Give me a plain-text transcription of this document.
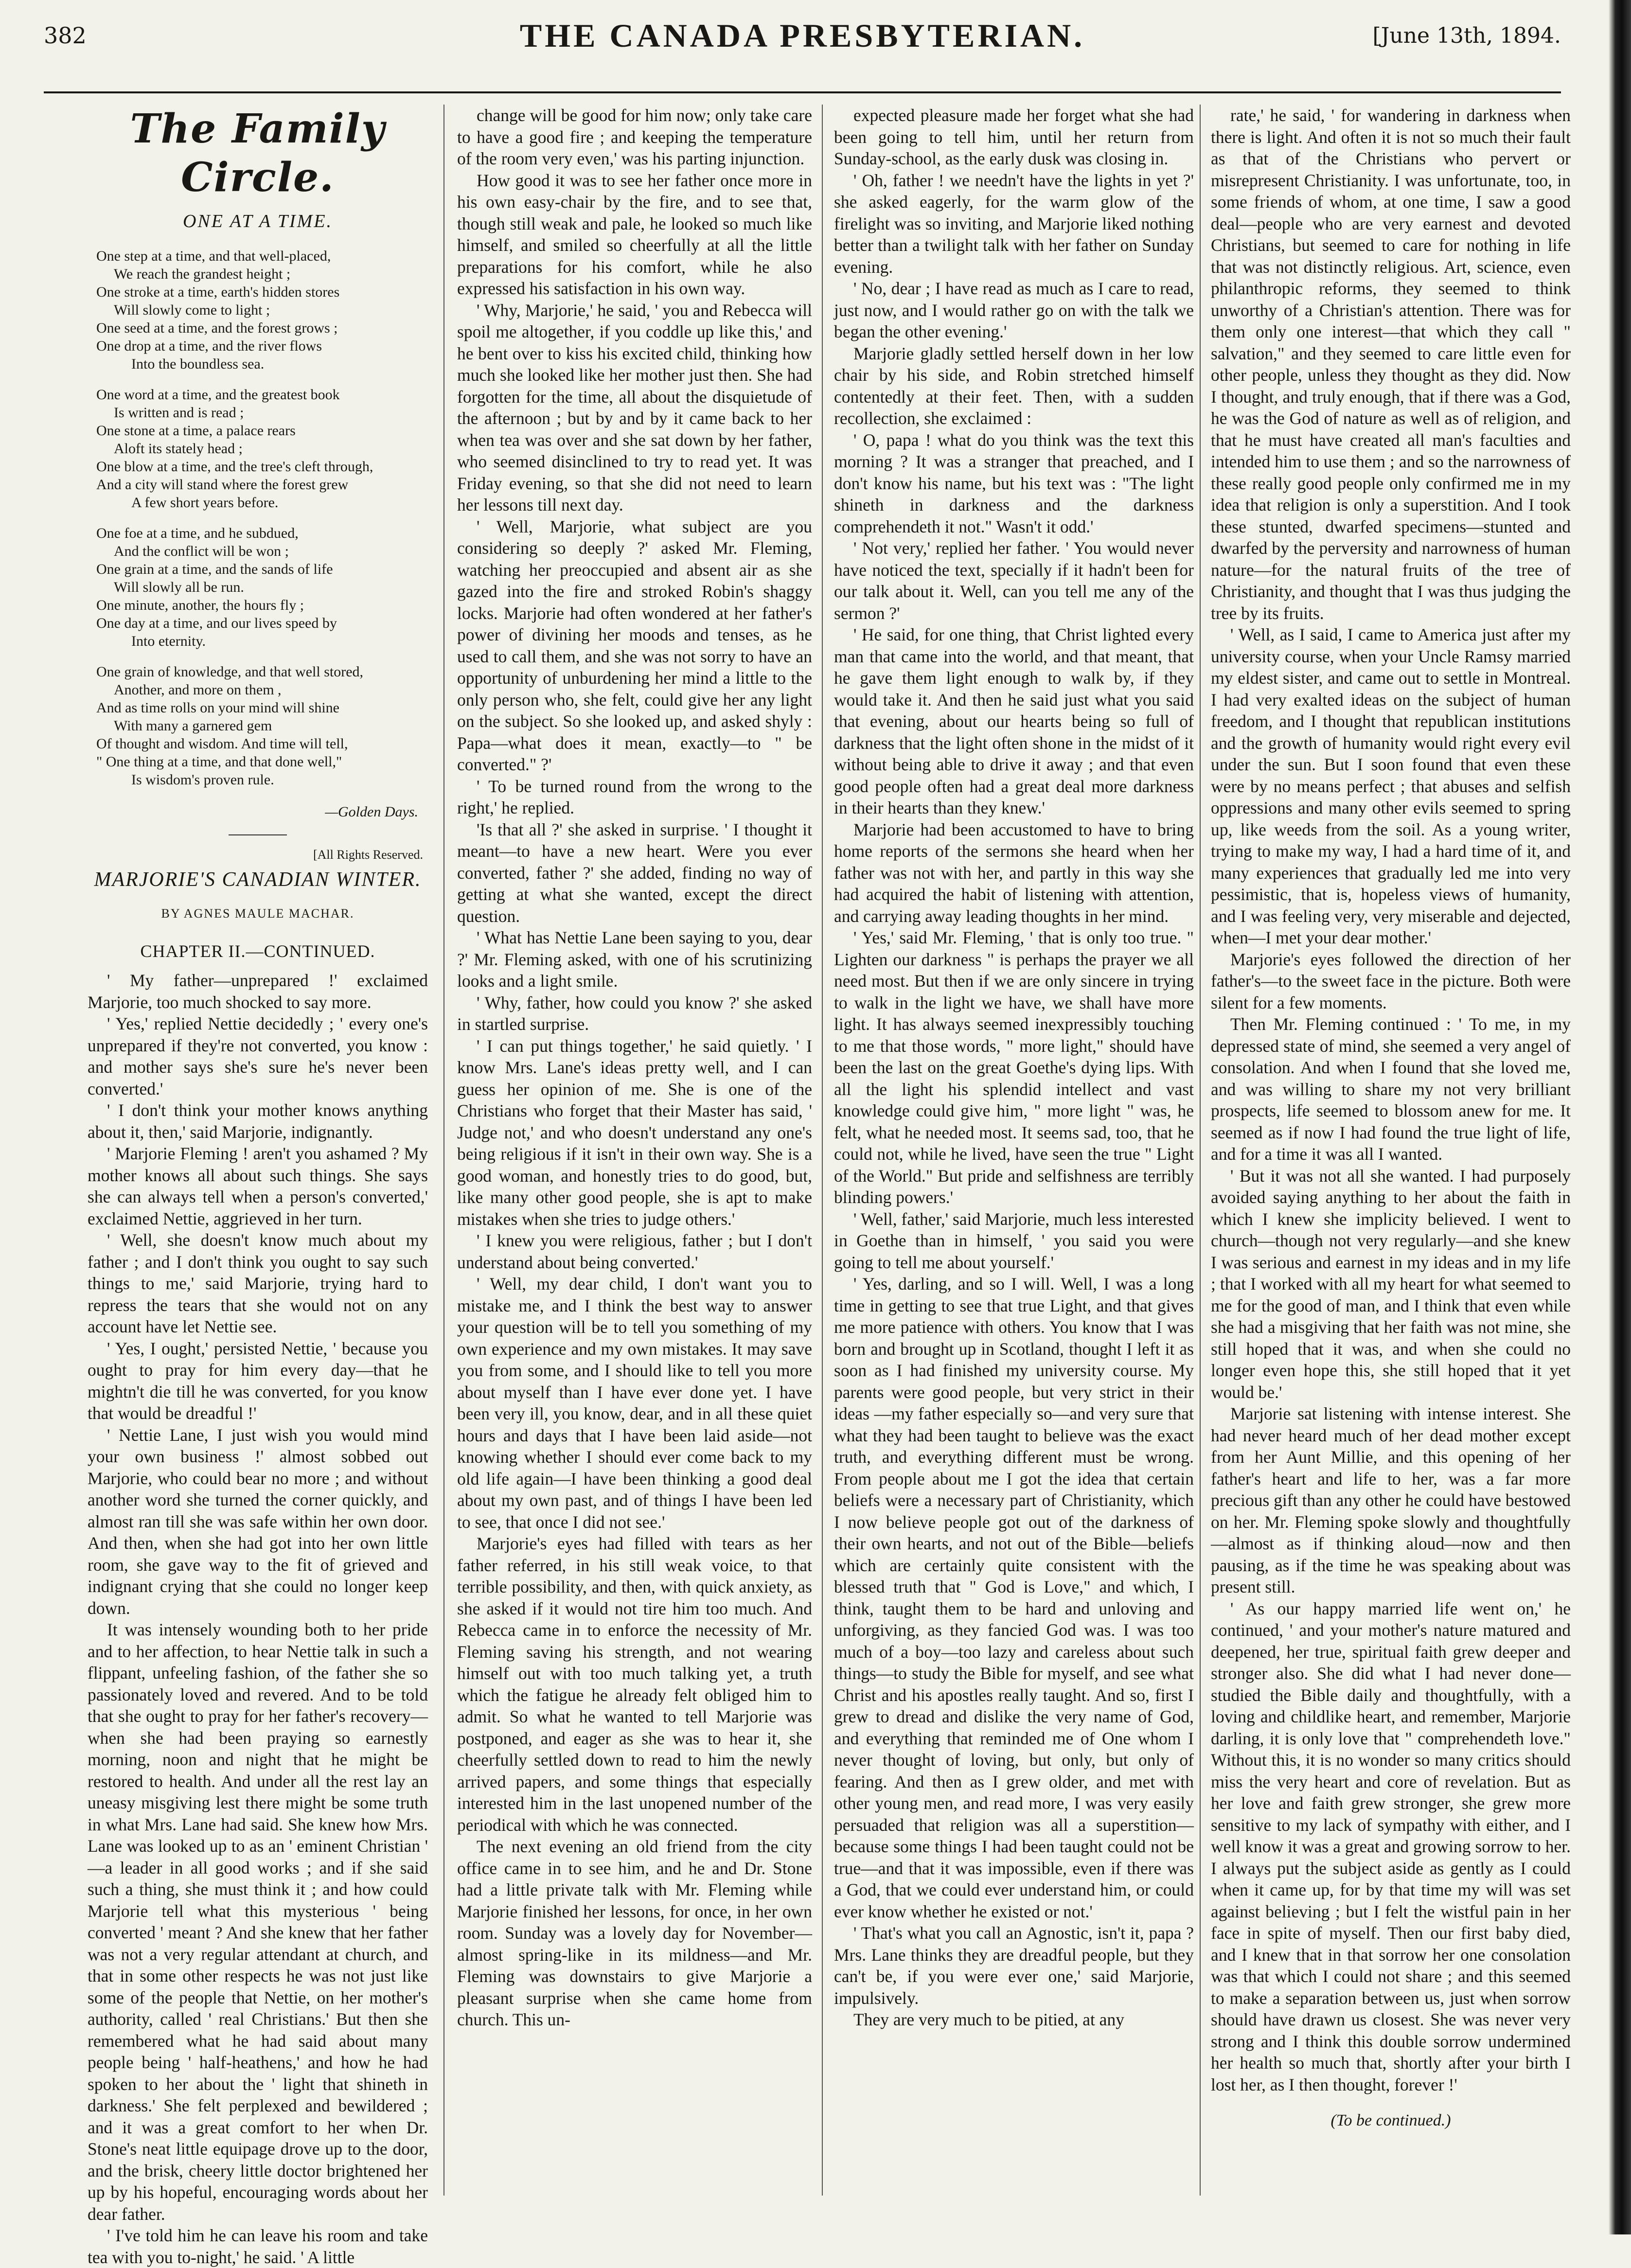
382	THE CANADA PRESBYTERIAN.	[June 13th, 1894.
The Family Circle.
ONE AT A TIME.
One step at a time, and that well-placed,
We reach the grandest height ;
One stroke at a time, earth's hidden stores
Will slowly come to light ;
One seed at a time, and the forest grows ;
One drop at a time, and the river flows
Into the boundless sea.
One word at a time, and the greatest book
Is written and is read ;
One stone at a time, a palace rears
Aloft its stately head ;
One blow at a time, and the tree's cleft through,
And a city will stand where the forest grew
A few short years before.
One foe at a time, and he subdued,
And the conflict will be won ;
One grain at a time, and the sands of life
Will slowly all be run.
One minute, another, the hours fly ;
One day at a time, and our lives speed by
Into eternity.
One grain of knowledge, and that well stored,
Another, and more on them ,
And as time rolls on your mind will shine
With many a garnered gem
Of thought and wisdom. And time will tell,
" One thing at a time, and that done well,"
Is wisdom's proven rule.
—Golden Days.
[All Rights Reserved.
MARJORIE'S CANADIAN WINTER.
BY AGNES MAULE MACHAR.
CHAPTER II.—CONTINUED.

' My father—unprepared !' exclaimed Marjorie, too much shocked to say more.

' Yes,' replied Nettie decidedly ; ' every one's unprepared if they're not converted, you know : and mother says she's sure he's never been converted.'

' I don't think your mother knows anything about it, then,' said Marjorie, indignantly.

' Marjorie Fleming ! aren't you ashamed ? My mother knows all about such things. She says she can always tell when a person's converted,' exclaimed Nettie, aggrieved in her turn.

' Well, she doesn't know much about my father ; and I don't think you ought to say such things to me,' said Marjorie, trying hard to repress the tears that she would not on any account have let Nettie see.

' Yes, I ought,' persisted Nettie, ' because you ought to pray for him every day—that he mightn't die till he was converted, for you know that would be dreadful !'

' Nettie Lane, I just wish you would mind your own business !' almost sobbed out Marjorie, who could bear no more ; and without another word she turned the corner quickly, and almost ran till she was safe within her own door. And then, when she had got into her own little room, she gave way to the fit of grieved and indignant crying that she could no longer keep down.

It was intensely wounding both to her pride and to her affection, to hear Nettie talk in such a flippant, unfeeling fashion, of the father she so passionately loved and revered. And to be told that she ought to pray for her father's recovery—when she had been praying so earnestly morning, noon and night that he might be restored to health. And under all the rest lay an uneasy misgiving lest there might be some truth in what Mrs. Lane had said. She knew how Mrs. Lane was looked up to as an ' eminent Christian ' —a leader in all good works ; and if she said such a thing, she must think it ; and how could Marjorie tell what this mysterious ' being converted ' meant ? And she knew that her father was not a very regular attendant at church, and that in some other respects he was not just like some of the people that Nettie, on her mother's authority, called ' real Christians.' But then she remembered what he had said about many people being ' half-heathens,' and how he had spoken to her about the ' light that shineth in darkness.' She felt perplexed and bewildered ; and it was a great comfort to her when Dr. Stone's neat little equipage drove up to the door, and the brisk, cheery little doctor brightened her up by his hopeful, encouraging words about her dear father.

' I've told him he can leave his room and take tea with you to-night,' he said. ' A little

change will be good for him now; only take care to have a good fire ; and keeping the temperature of the room very even,' was his parting injunction.

How good it was to see her father once more in his own easy-chair by the fire, and to see that, though still weak and pale, he looked so much like himself, and smiled so cheerfully at all the little preparations for his comfort, while he also expressed his satisfaction in his own way.

' Why, Marjorie,' he said, ' you and Rebecca will spoil me altogether, if you coddle up like this,' and he bent over to kiss his excited child, thinking how much she looked like her mother just then. She had forgotten for the time, all about the disquietude of the afternoon ; but by and by it came back to her when tea was over and she sat down by her father, who seemed disinclined to try to read yet. It was Friday evening, so that she did not need to learn her lessons till next day.

' Well, Marjorie, what subject are you considering so deeply ?' asked Mr. Fleming, watching her preoccupied and absent air as she gazed into the fire and stroked Robin's shaggy locks. Marjorie had often wondered at her father's power of divining her moods and tenses, as he used to call them, and she was not sorry to have an opportunity of unburdening her mind a little to the only person who, she felt, could give her any light on the subject. So she looked up, and asked shyly : Papa—what does it mean, exactly—to " be converted." ?'

' To be turned round from the wrong to the right,' he replied.

'Is that all ?' she asked in surprise. ' I thought it meant—to have a new heart. Were you ever converted, father ?' she added, finding no way of getting at what she wanted, except the direct question.

' What has Nettie Lane been saying to you, dear ?' Mr. Fleming asked, with one of his scrutinizing looks and a light smile.

' Why, father, how could you know ?' she asked in startled surprise.

' I can put things together,' he said quietly. ' I know Mrs. Lane's ideas pretty well, and I can guess her opinion of me. She is one of the Christians who forget that their Master has said, ' Judge not,' and who doesn't understand any one's being religious if it isn't in their own way. She is a good woman, and honestly tries to do good, but, like many other good people, she is apt to make mistakes when she tries to judge others.'

' I knew you were religious, father ; but I don't understand about being converted.'

' Well, my dear child, I don't want you to mistake me, and I think the best way to answer your question will be to tell you something of my own experience and my own mistakes. It may save you from some, and I should like to tell you more about myself than I have ever done yet. I have been very ill, you know, dear, and in all these quiet hours and days that I have been laid aside—not knowing whether I should ever come back to my old life again—I have been thinking a good deal about my own past, and of things I have been led to see, that once I did not see.'

Marjorie's eyes had filled with tears as her father referred, in his still weak voice, to that terrible possibility, and then, with quick anxiety, as she asked if it would not tire him too much. And Rebecca came in to enforce the necessity of Mr. Fleming saving his strength, and not wearing himself out with too much talking yet, a truth which the fatigue he already felt obliged him to admit. So what he wanted to tell Marjorie was postponed, and eager as she was to hear it, she cheerfully settled down to read to him the newly arrived papers, and some things that especially interested him in the last unopened number of the periodical with which he was connected.

The next evening an old friend from the city office came in to see him, and he and Dr. Stone had a little private talk with Mr. Fleming while Marjorie finished her lessons, for once, in her own room. Sunday was a lovely day for November—almost spring-like in its mildness—and Mr. Fleming was downstairs to give Marjorie a pleasant surprise when she came home from church. This un-

expected pleasure made her forget what she had been going to tell him, until her return from Sunday-school, as the early dusk was closing in.

' Oh, father ! we needn't have the lights in yet ?' she asked eagerly, for the warm glow of the firelight was so inviting, and Marjorie liked nothing better than a twilight talk with her father on Sunday evening.

' No, dear ; I have read as much as I care to read, just now, and I would rather go on with the talk we began the other evening.'

Marjorie gladly settled herself down in her low chair by his side, and Robin stretched himself contentedly at their feet. Then, with a sudden recollection, she exclaimed :

' O, papa ! what do you think was the text this morning ? It was a stranger that preached, and I don't know his name, but his text was : "The light shineth in darkness and the darkness comprehendeth it not." Wasn't it odd.'

' Not very,' replied her father. ' You would never have noticed the text, specially if it hadn't been for our talk about it. Well, can you tell me any of the sermon ?'

' He said, for one thing, that Christ lighted every man that came into the world, and that meant, that he gave them light enough to walk by, if they would take it. And then he said just what you said that evening, about our hearts being so full of darkness that the light often shone in the midst of it without being able to drive it away ; and that even good people often had a great deal more darkness in their hearts than they knew.'

Marjorie had been accustomed to have to bring home reports of the sermons she heard when her father was not with her, and partly in this way she had acquired the habit of listening with attention, and carrying away leading thoughts in her mind.

' Yes,' said Mr. Fleming, ' that is only too true. " Lighten our darkness " is perhaps the prayer we all need most. But then if we are only sincere in trying to walk in the light we have, we shall have more light. It has always seemed inexpressibly touching to me that those words, " more light," should have been the last on the great Goethe's dying lips. With all the light his splendid intellect and vast knowledge could give him, " more light " was, he felt, what he needed most. It seems sad, too, that he could not, while he lived, have seen the true " Light of the World." But pride and selfishness are terribly blinding powers.'

' Well, father,' said Marjorie, much less interested in Goethe than in himself, ' you said you were going to tell me about yourself.'

' Yes, darling, and so I will. Well, I was a long time in getting to see that true Light, and that gives me more patience with others. You know that I was born and brought up in Scotland, thought I left it as soon as I had finished my university course. My parents were good people, but very strict in their ideas —my father especially so—and very sure that what they had been taught to believe was the exact truth, and everything different must be wrong. From people about me I got the idea that certain beliefs were a necessary part of Christianity, which I now believe people got out of the darkness of their own hearts, and not out of the Bible—beliefs which are certainly quite consistent with the blessed truth that " God is Love," and which, I think, taught them to be hard and unloving and unforgiving, as they fancied God was. I was too much of a boy—too lazy and careless about such things—to study the Bible for myself, and see what Christ and his apostles really taught. And so, first I grew to dread and dislike the very name of God, and everything that reminded me of One whom I never thought of loving, but only, but only of fearing. And then as I grew older, and met with other young men, and read more, I was very easily persuaded that religion was all a superstition—because some things I had been taught could not be true—and that it was impossible, even if there was a God, that we could ever understand him, or could ever know whether he existed or not.'

' That's what you call an Agnostic, isn't it, papa ? Mrs. Lane thinks they are dreadful people, but they can't be, if you were ever one,' said Marjorie, impulsively.

They are very much to be pitied, at any

rate,' he said, ' for wandering in darkness when there is light. And often it is not so much their fault as that of the Christians who pervert or misrepresent Christianity. I was unfortunate, too, in some friends of whom, at one time, I saw a good deal—people who are very earnest and devoted Christians, but seemed to care for nothing in life that was not distinctly religious. Art, science, even philanthropic reforms, they seemed to think unworthy of a Christian's attention. There was for them only one interest—that which they call " salvation," and they seemed to care little even for other people, unless they thought as they did. Now I thought, and truly enough, that if there was a God, he was the God of nature as well as of religion, and that he must have created all man's faculties and intended him to use them ; and so the narrowness of these really good people only confirmed me in my idea that religion is only a superstition. And I took these stunted, dwarfed specimens—stunted and dwarfed by the perversity and narrowness of human nature—for the natural fruits of the tree of Christianity, and thought that I was thus judging the tree by its fruits.

' Well, as I said, I came to America just after my university course, when your Uncle Ramsy married my eldest sister, and came out to settle in Montreal. I had very exalted ideas on the subject of human freedom, and I thought that republican institutions and the growth of humanity would right every evil under the sun. But I soon found that even these were by no means perfect ; that abuses and selfish oppressions and many other evils seemed to spring up, like weeds from the soil. As a young writer, trying to make my way, I had a hard time of it, and many experiences that gradually led me into very pessimistic, that is, hopeless views of humanity, and I was feeling very, very miserable and dejected, when—I met your dear mother.'

Marjorie's eyes followed the direction of her father's—to the sweet face in the picture. Both were silent for a few moments.

Then Mr. Fleming continued : ' To me, in my depressed state of mind, she seemed a very angel of consolation. And when I found that she loved me, and was willing to share my not very brilliant prospects, life seemed to blossom anew for me. It seemed as if now I had found the true light of life, and for a time it was all I wanted.

' But it was not all she wanted. I had purposely avoided saying anything to her about the faith in which I knew she implicity believed. I went to church—though not very regularly—and she knew I was serious and earnest in my ideas and in my life ; that I worked with all my heart for what seemed to me for the good of man, and I think that even while she had a misgiving that her faith was not mine, she still hoped that it was, and when she could no longer even hope this, she still hoped that it yet would be.'

Marjorie sat listening with intense interest. She had never heard much of her dead mother except from her Aunt Millie, and this opening of her father's heart and life to her, was a far more precious gift than any other he could have bestowed on her. Mr. Fleming spoke slowly and thoughtfully—almost as if thinking aloud—now and then pausing, as if the time he was speaking about was present still.

' As our happy married life went on,' he continued, ' and your mother's nature matured and deepened, her true, spiritual faith grew deeper and stronger also. She did what I had never done—studied the Bible daily and thoughtfully, with a loving and childlike heart, and remember, Marjorie darling, it is only love that " comprehendeth love." Without this, it is no wonder so many critics should miss the very heart and core of revelation. But as her love and faith grew stronger, she grew more sensitive to my lack of sympathy with either, and I well know it was a great and growing sorrow to her. I always put the subject aside as gently as I could when it came up, for by that time my will was set against believing ; but I felt the wistful pain in her face in spite of myself. Then our first baby died, and I knew that in that sorrow her one consolation was that which I could not share ; and this seemed to make a separation between us, just when sorrow should have drawn us closest. She was never very strong and I think this double sorrow undermined her health so much that, shortly after your birth I lost her, as I then thought, forever !'

(To be continued.)
